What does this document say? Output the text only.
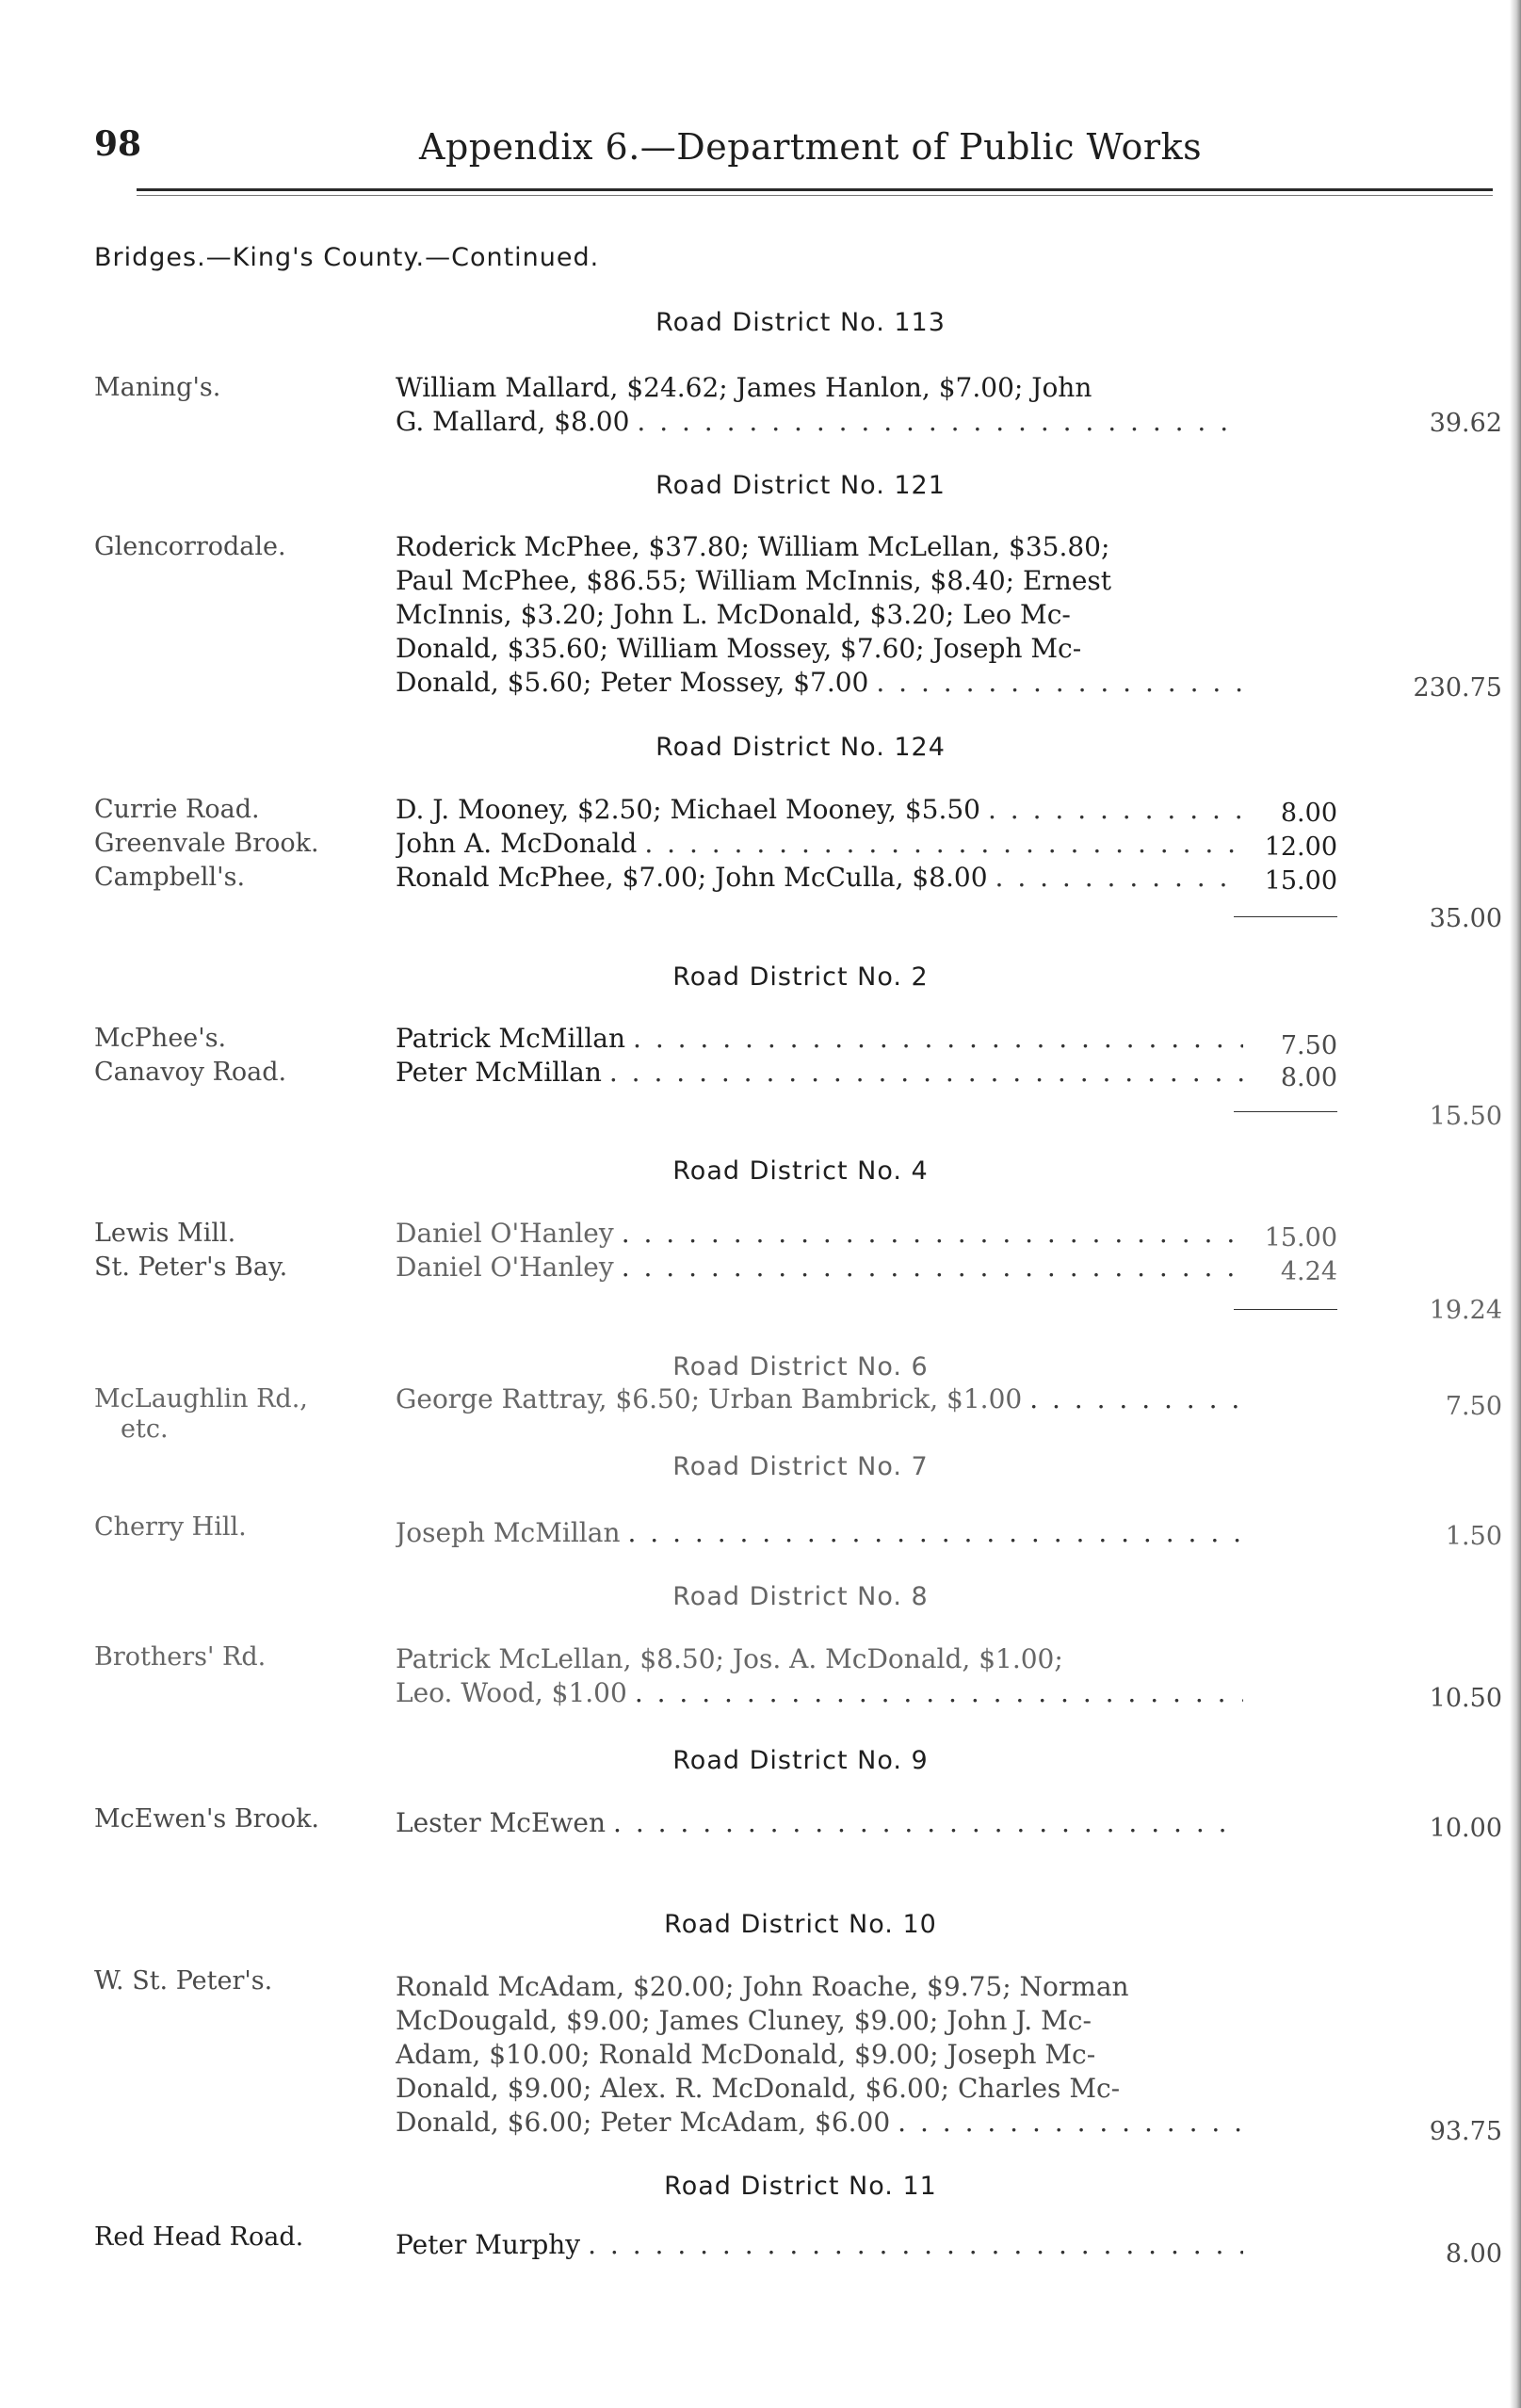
98	Appendix 6.—Department of Public Works
Bridges.—King's County.—Continued.
Road District No. 113
Maning's.	William Mallard, $24.62; James Hanlon, $7.00; John
G. Mallard, $8.00 . . .	39.62
Road District No. 121
Glencorrodale.	Roderick McPhee, $37.80; William McLellan, $35.80;
Paul McPhee, $86.55; William McInnis, $8.40; Ernest
McInnis, $3.20; John L. McDonald, $3.20; Leo Mc-
Donald, $35.60; William Mossey, $7.60; Joseph Mc-
Donald, $5.60; Peter Mossey, $7.00 . . .	230.75
Road District No. 124
Currie Road.	D. J. Mooney, $2.50; Michael Mooney, $5.50 . . .	8.00
Greenvale Brook.	John A. McDonald . . .	12.00
Campbell's.	Ronald McPhee, $7.00; John McCulla, $8.00 . . .	15.00
35.00
Road District No. 2
McPhee's.	Patrick McMillan . . .	7.50
Canavoy Road.	Peter McMillan . . .	8.00
15.50
Road District No. 4
Lewis Mill.	Daniel O'Hanley . . .	15.00
St. Peter's Bay.	Daniel O'Hanley . . .	4.24
19.24
Road District No. 6
McLaughlin Rd.,
etc.
George Rattray, $6.50; Urban Bambrick, $1.00 . . .	7.50
Road District No. 7
Cherry Hill.	Joseph McMillan . . .	1.50
Road District No. 8
Brothers' Rd.	Patrick McLellan, $8.50; Jos. A. McDonald, $1.00;
Leo. Wood, $1.00 . . .	10.50
Road District No. 9
McEwen's Brook.	Lester McEwen . . .	10.00
Road District No. 10
W. St. Peter's.	Ronald McAdam, $20.00; John Roache, $9.75; Norman
McDougald, $9.00; James Cluney, $9.00; John J. Mc-
Adam, $10.00; Ronald McDonald, $9.00; Joseph Mc-
Donald, $9.00; Alex. R. McDonald, $6.00; Charles Mc-
Donald, $6.00; Peter McAdam, $6.00 . . .	93.75
Road District No. 11
Red Head Road.	Peter Murphy . . .	8.00
